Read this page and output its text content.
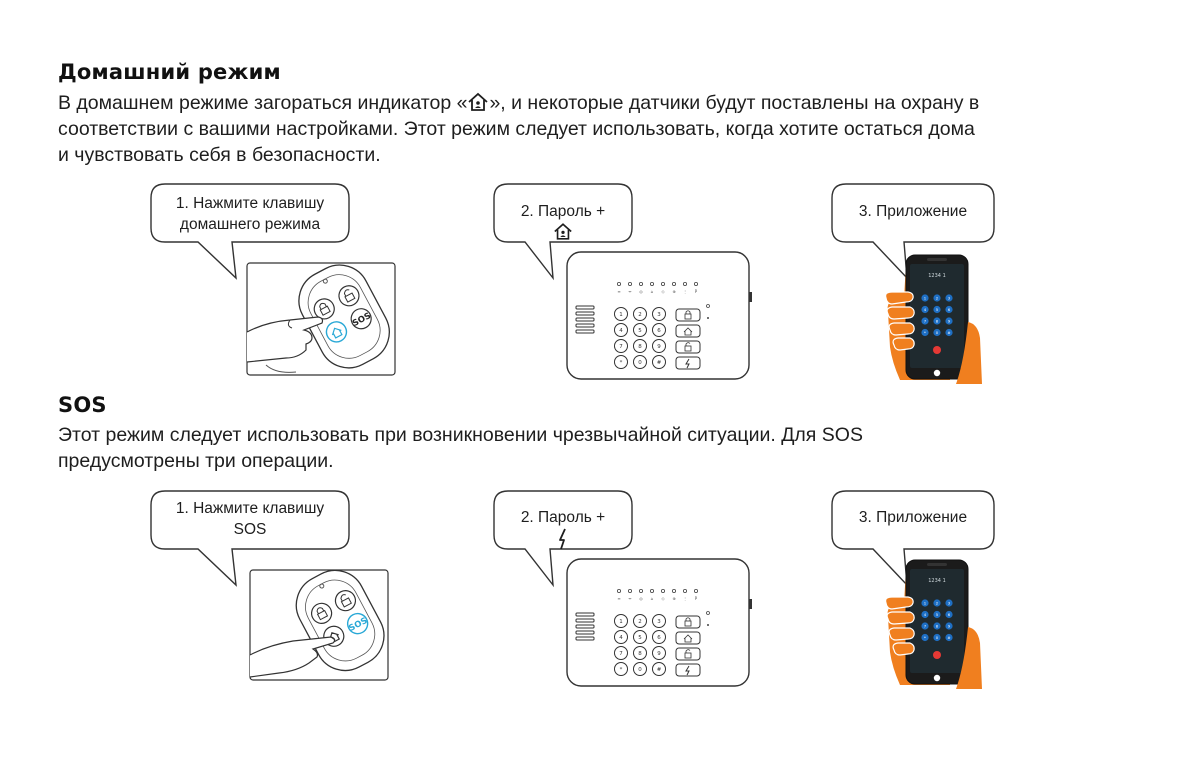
Домашний режим

В домашнем режиме загораться индикатор « », и некоторые датчики будут поставлены на охрану в
соответствии с вашими настройками. Этот режим следует использовать, когда хотите остаться дома
и чувствовать себя в безопасности.

1. Нажмите клавишу
домашнего режима
2. Пароль +	3. Приложение
SOS
≡ ᯤ ◎ ⌂ ◇ ⊕ ⋮ P
1	2	3
4	5	6
7	8	9
*	0	#
1234 1
1	2	3
4	5	6
7	8	9
*	0 #
SOS

Этот режим следует использовать при возникновении чрезвычайной ситуации. Для SOS
предусмотрены три операции.

1. Нажмите клавишу
SOS
2. Пароль +	3. Приложение
SOS
≡ ᯤ ◎ ⌂ ◇ ⊕ ⋮ P
1	2	3
4	5	6
7	8	9
*	0	#
1234 1
1	2	3
4	5	6
7	8	9
*	0 #
